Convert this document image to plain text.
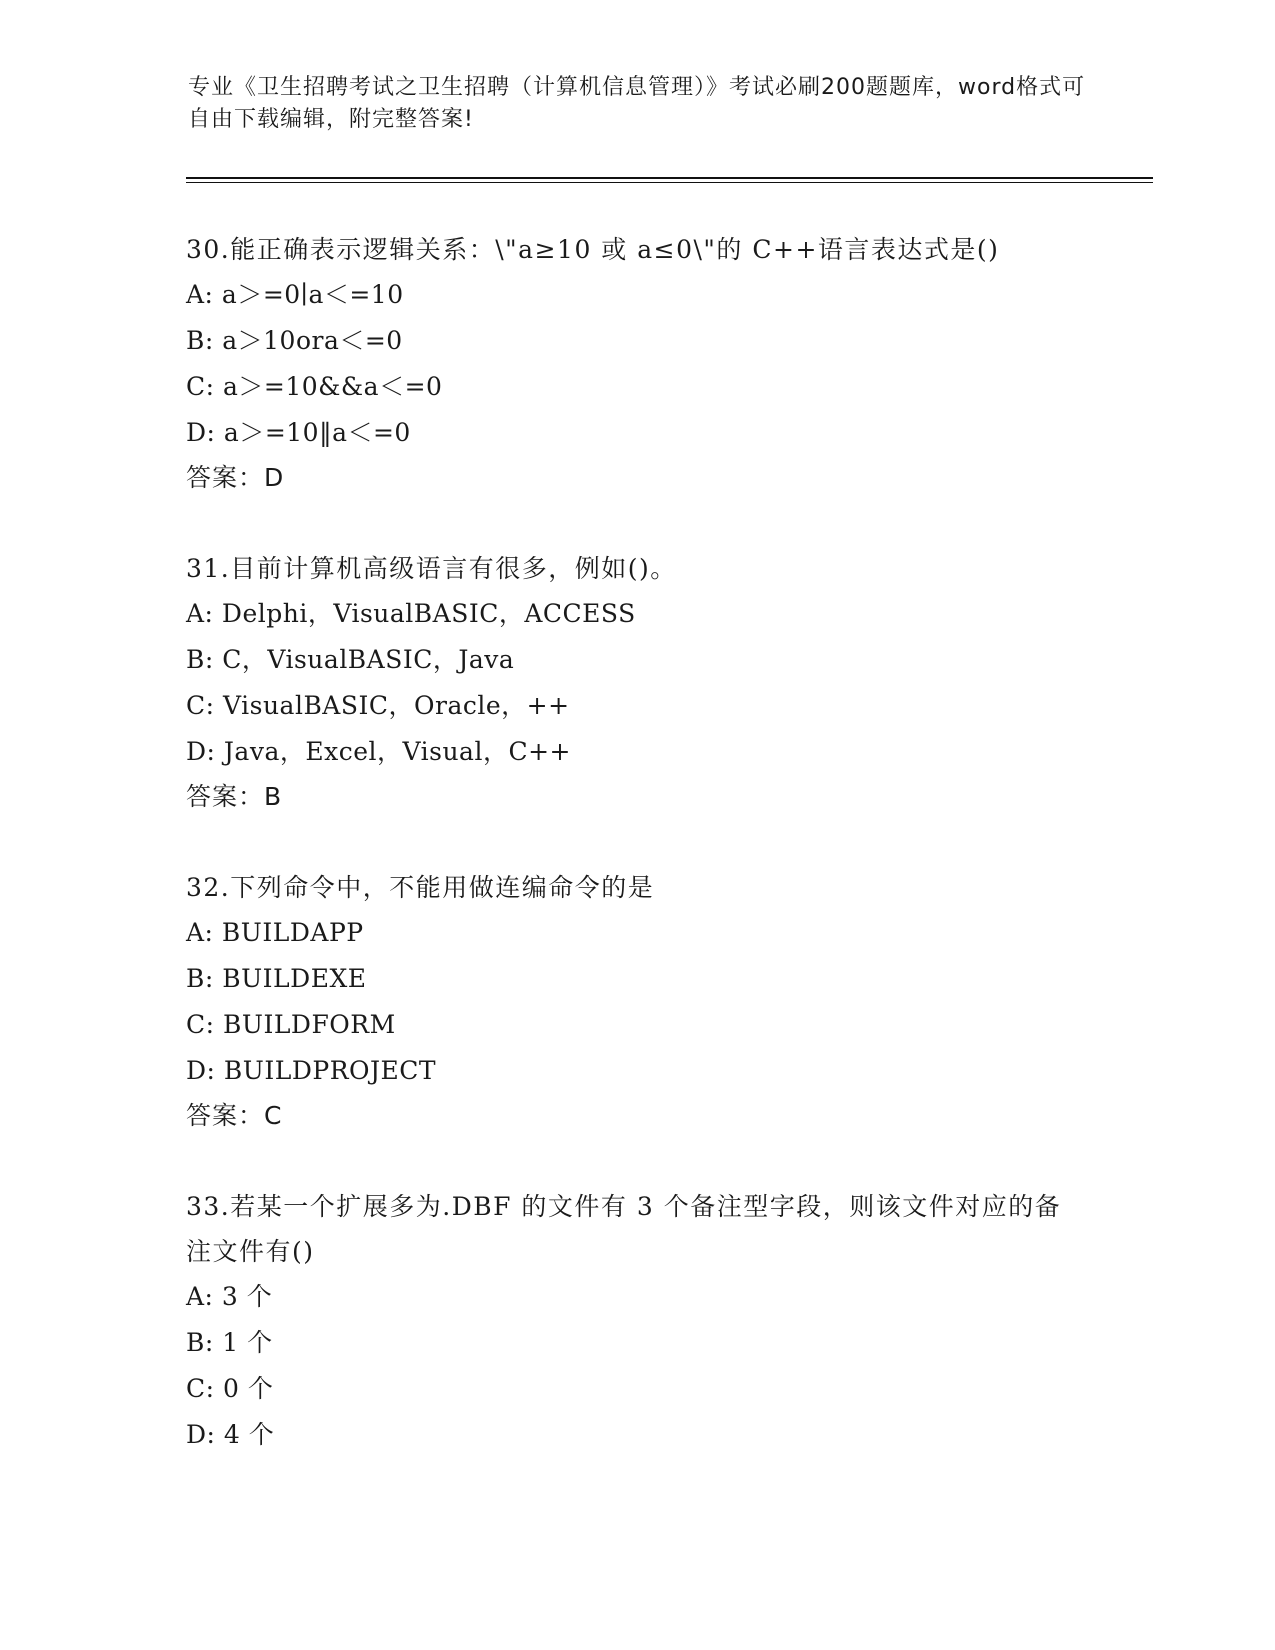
专业《卫生招聘考试之卫生招聘（计算机信息管理）》考试必刷200题题库，word格式可自由下载编辑，附完整答案!
30.能正确表示逻辑关系：\"a≥10 或 a≤0\"的 C++语言表达式是()
A: a＞=0∣a＜=10
B: a＞10ora＜=0
C: a＞=10&&a＜=0
D: a＞=10‖a＜=0
答案：D
31.目前计算机高级语言有很多，例如()。
A: Delphi，VisualBASIC，ACCESS
B: C，VisualBASIC，Java
C: VisualBASIC，Oracle，++
D: Java，Excel，Visual，C++
答案：B
32.下列命令中，不能用做连编命令的是
A: BUILDAPP
B: BUILDEXE
C: BUILDFORM
D: BUILDPROJECT
答案：C
33.若某一个扩展多为.DBF 的文件有 3 个备注型字段，则该文件对应的备注文件有()
A: 3 个
B: 1 个
C: 0 个
D: 4 个
